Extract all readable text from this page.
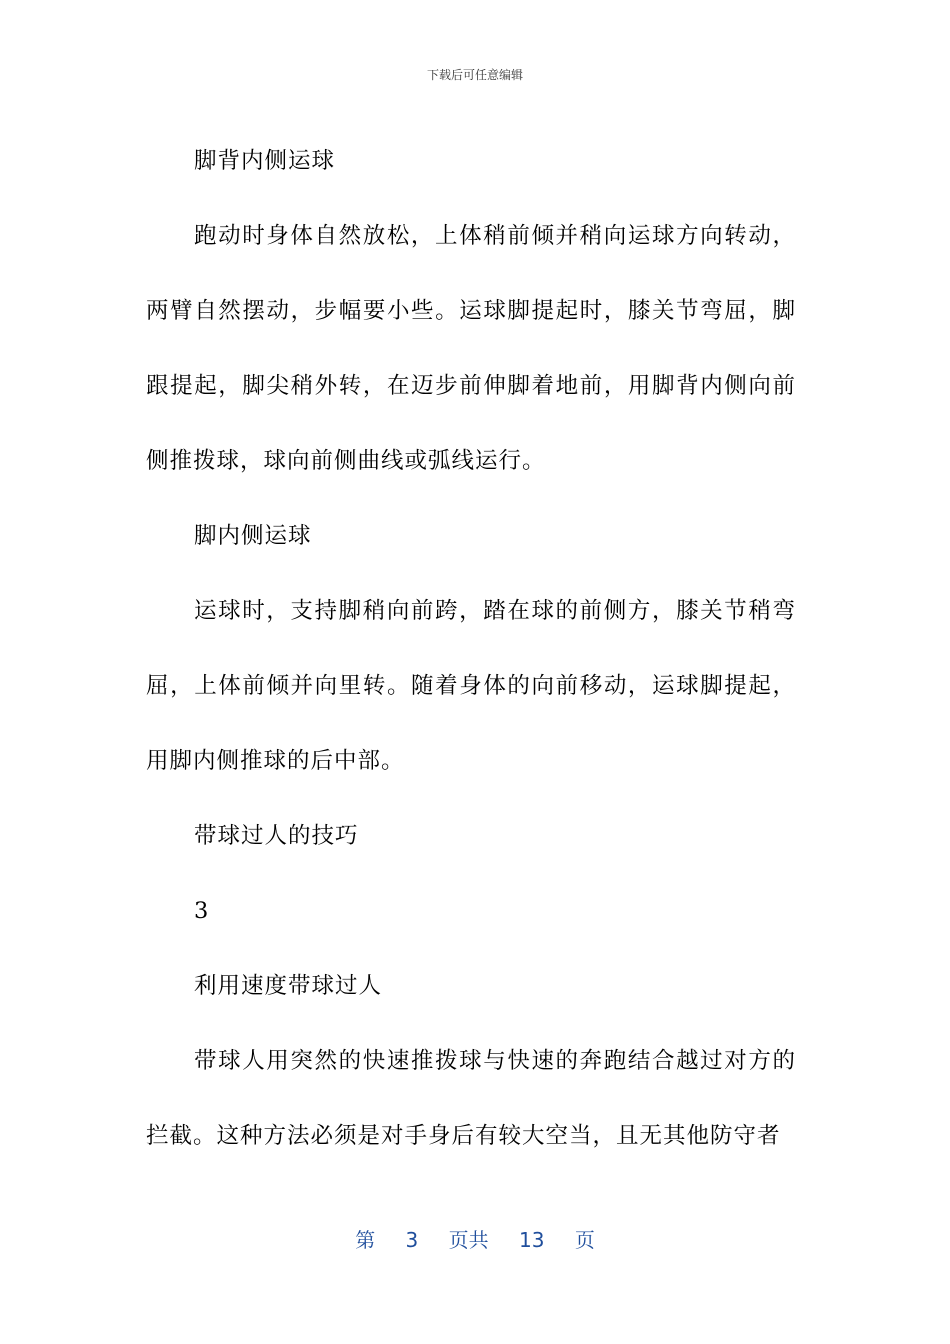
下载后可任意编辑

脚背内侧运球

跑动时身体自然放松，上体稍前倾并稍向运球方向转动，两臂自然摆动，步幅要小些。运球脚提起时，膝关节弯屈，脚跟提起，脚尖稍外转，在迈步前伸脚着地前，用脚背内侧向前侧推拨球，球向前侧曲线或弧线运行。

脚内侧运球

运球时，支持脚稍向前跨，踏在球的前侧方，膝关节稍弯屈，上体前倾并向里转。随着身体的向前移动，运球脚提起，用脚内侧推球的后中部。

带球过人的技巧

3

利用速度带球过人

带球人用突然的快速推拨球与快速的奔跑结合越过对方的拦截。这种方法必须是对手身后有较大空当，且无其他防守者

第 3 页共 13 页
